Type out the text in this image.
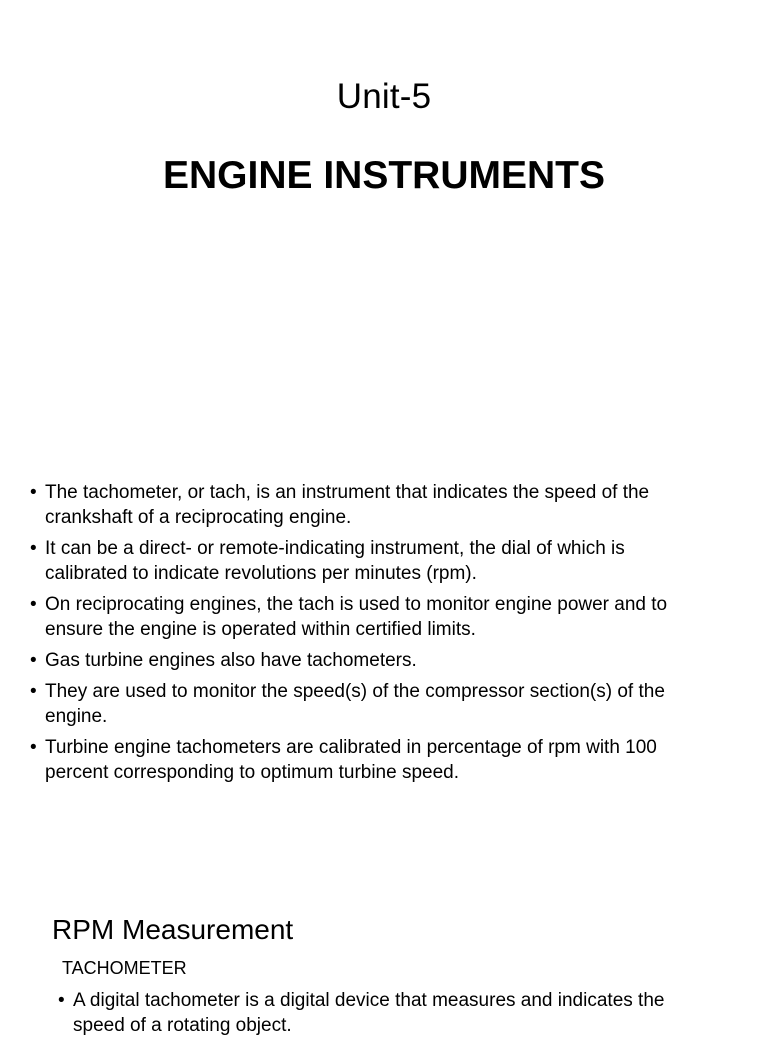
Unit-5
ENGINE INSTRUMENTS
• The tachometer, or tach, is an instrument that indicates the speed of the crankshaft of a reciprocating engine.
• It can be a direct- or remote-indicating instrument, the dial of which is calibrated to indicate revolutions per minutes (rpm).
• On reciprocating engines, the tach is used to monitor engine power and to ensure the engine is operated within certified limits.
• Gas turbine engines also have tachometers.
• They are used to monitor the speed(s) of the compressor section(s) of the engine.
• Turbine engine tachometers are calibrated in percentage of rpm with 100 percent corresponding to optimum turbine speed.
RPM Measurement
TACHOMETER
• A digital tachometer is a digital device that measures and indicates the speed of a rotating object.
